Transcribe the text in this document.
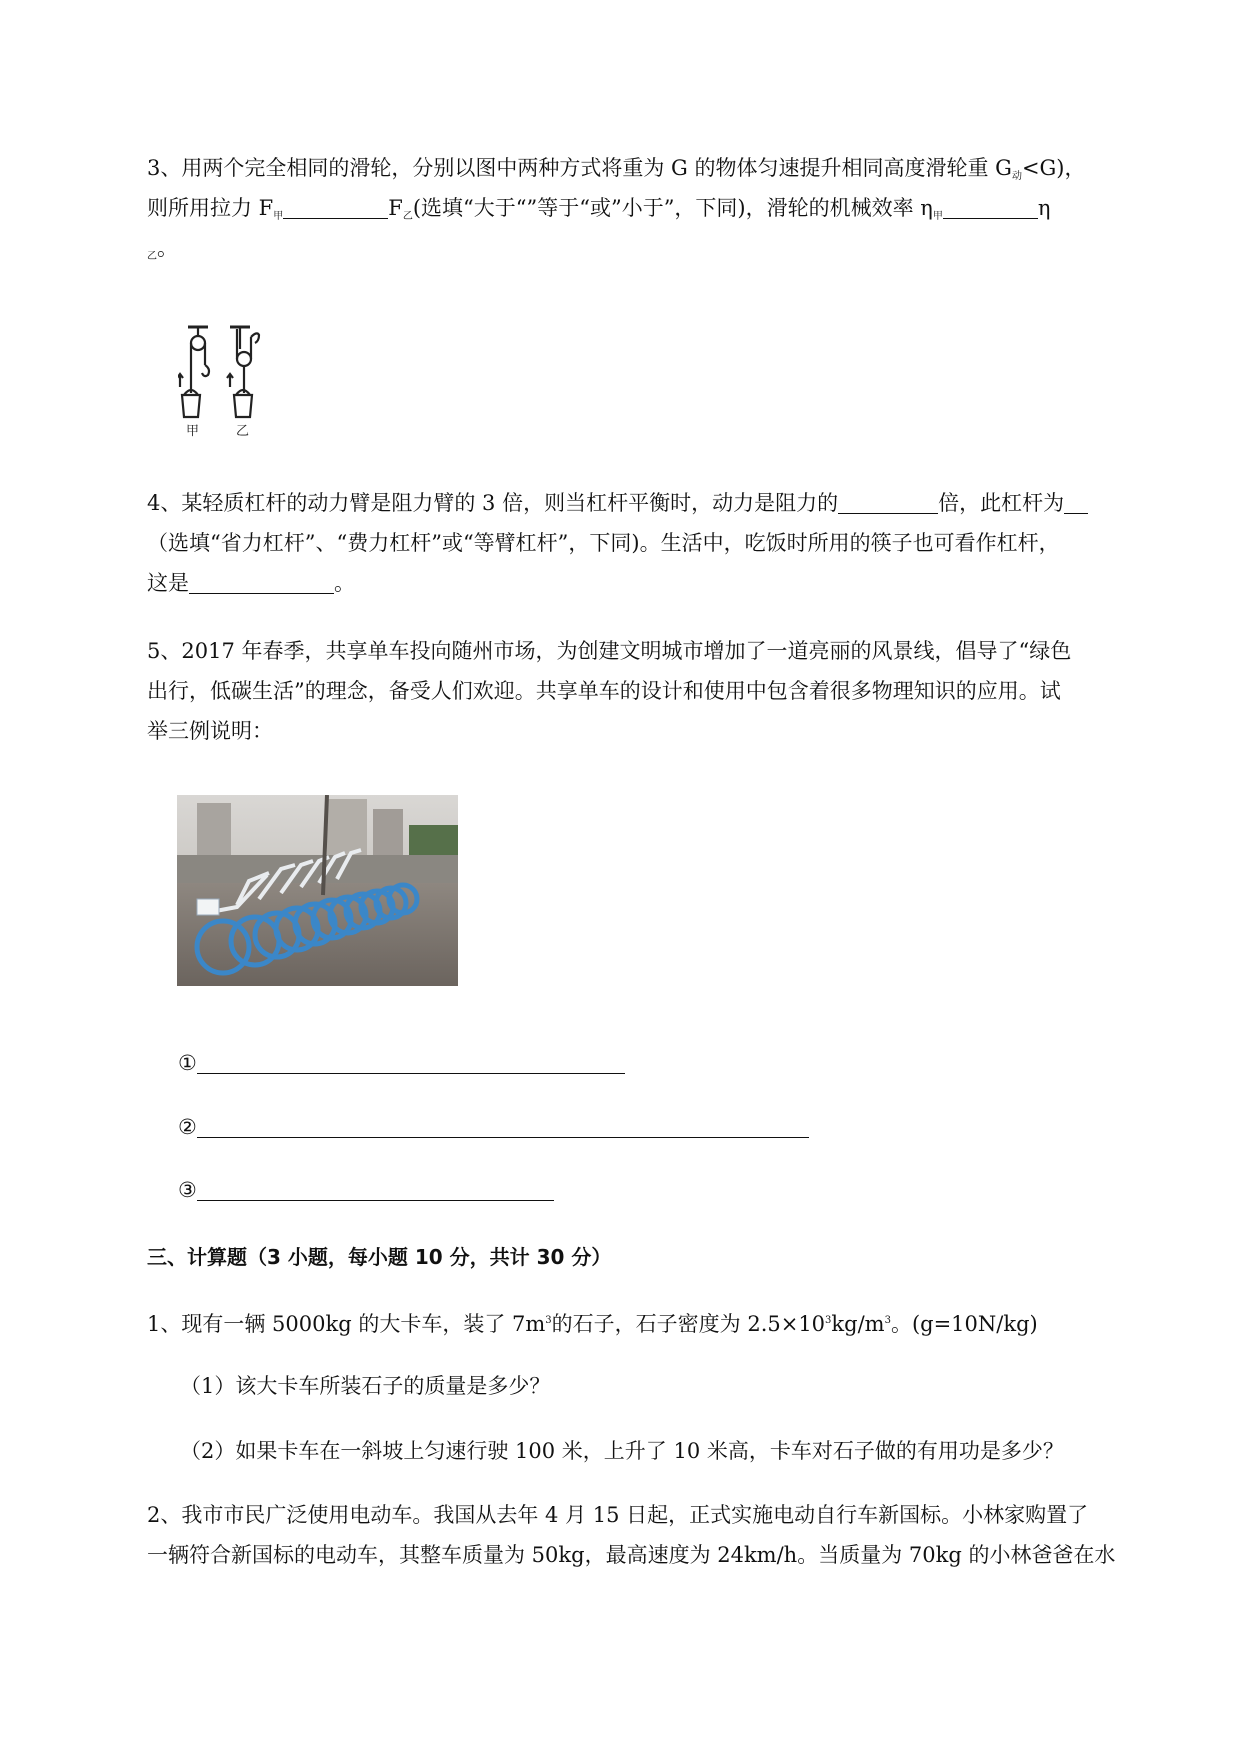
3、用两个完全相同的滑轮，分别以图中两种方式将重为 G 的物体匀速提升相同高度滑轮重 $G_动<G$)，
则所用拉力 $F_甲$	$F_乙$(选填“大于“”等于“或”小于”，下同)，滑轮的机械效率 $\eta_甲$	η
$_乙$。
甲	乙
4、某轻质杠杆的动力臂是阻力臂的 3 倍，则当杠杆平衡时，动力是阻力的	倍，此杠杆为
（选填“省力杠杆”、“费力杠杆”或“等臂杠杆”，下同)。生活中，吃饭时所用的筷子也可看作杠杆，
这是	。
5、2017 年春季，共享单车投向随州市场，为创建文明城市增加了一道亮丽的风景线，倡导了“绿色
出行，低碳生活”的理念，备受人们欢迎。共享单车的设计和使用中包含着很多物理知识的应用。试
举三例说明：
①
②
③
三、计算题（3 小题，每小题 10 分，共计 30 分）
1、现有一辆 5000kg 的大卡车，装了 $7m^3$的石子，石子密度为 $2.5\times 10^3kg/m^3$。(g=10N/kg)
（1）该大卡车所装石子的质量是多少？
（2）如果卡车在一斜坡上匀速行驶 100 米，上升了 10 米高，卡车对石子做的有用功是多少？
2、我市市民广泛使用电动车。我国从去年 4 月 15 日起，正式实施电动自行车新国标。小林家购置了
一辆符合新国标的电动车，其整车质量为 50kg，最高速度为 24km/h。当质量为 70kg 的小林爸爸在水
